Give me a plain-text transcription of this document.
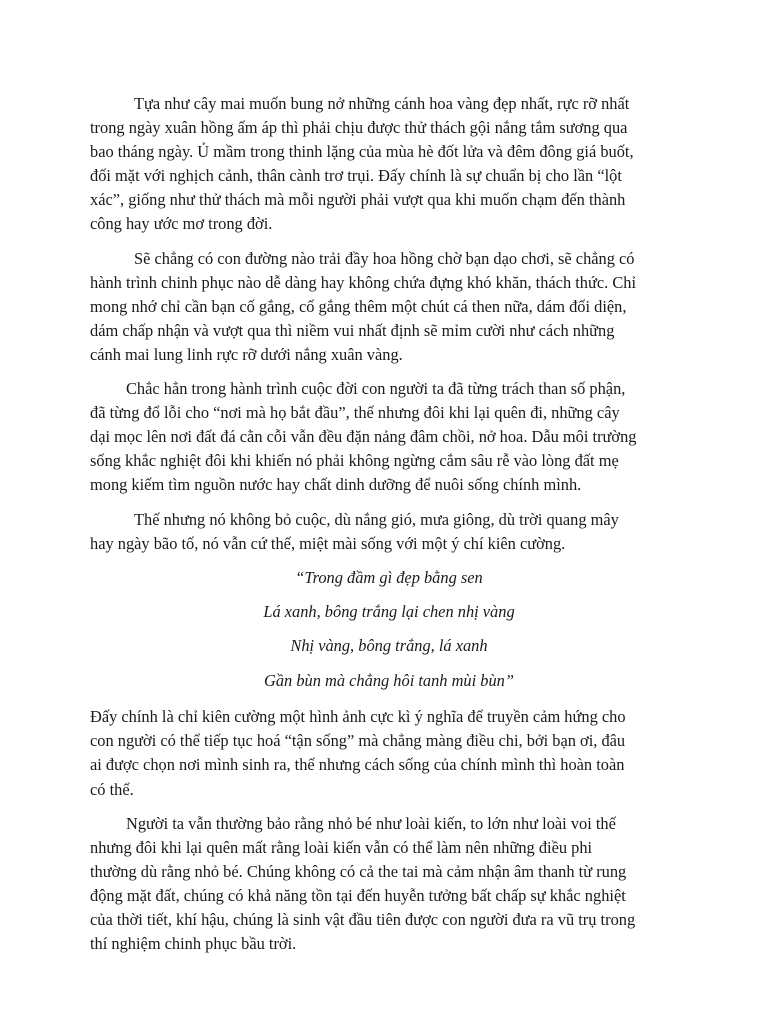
Tựa như cây mai muốn bung nở những cánh hoa vàng đẹp nhất, rực rỡ nhất
trong ngày xuân hồng ấm áp thì phải chịu được thử thách gội nắng tắm sương qua
bao tháng ngày. Ủ mầm trong thinh lặng của mùa hè đốt lửa và đêm đông giá buốt,
đối mặt với nghịch cảnh, thân cành trơ trụi. Đấy chính là sự chuẩn bị cho lần “lột
xác”, giống như thử thách mà mỗi người phải vượt qua khi muốn chạm đến thành
công hay ước mơ trong đời.

Sẽ chẳng có con đường nào trải đầy hoa hồng chờ bạn dạo chơi, sẽ chẳng có
hành trình chinh phục nào dễ dàng hay không chứa đựng khó khăn, thách thức. Chỉ
mong nhớ chỉ cần bạn cố gắng, cố gắng thêm một chút cá then nữa, dám đối diện,
dám chấp nhận và vượt qua thì niềm vui nhất định sẽ mỉm cười như cách những
cánh mai lung linh rực rỡ dưới nắng xuân vàng.

Chắc hẳn trong hành trình cuộc đời con người ta đã từng trách than số phận,
đã từng đổ lỗi cho “nơi mà họ bắt đầu”, thế nhưng đôi khi lại quên đi, những cây
dại mọc lên nơi đất đá cằn cỗi vẫn đều đặn nảng đâm chồi, nở hoa. Dẫu môi trường
sống khắc nghiệt đôi khi khiến nó phải không ngừng cắm sâu rễ vào lòng đất mẹ
mong kiếm tìm nguồn nước hay chất dinh dưỡng để nuôi sống chính mình.

Thế nhưng nó không bỏ cuộc, dù nắng gió, mưa giông, dù trời quang mây
hay ngày bão tố, nó vẫn cứ thế, miệt mài sống với một ý chí kiên cường.

“Trong đầm gì đẹp bằng sen
Lá xanh, bông trắng lại chen nhị vàng
Nhị vàng, bông trắng, lá xanh
Gần bùn mà chẳng hôi tanh mùi bùn”

Đấy chính là chỉ kiên cường một hình ảnh cực kì ý nghĩa để truyền cảm hứng cho
con người có thể tiếp tục hoá “tận sống” mà chẳng màng điều chi, bởi bạn ơi, đâu
ai được chọn nơi mình sinh ra, thế nhưng cách sống của chính mình thì hoàn toàn
có thể.

Người ta vẫn thường bảo rằng nhỏ bé như loài kiến, to lớn như loài voi thế
nhưng đôi khi lại quên mất rằng loài kiến vẫn có thể làm nên những điều phi
thường dù rằng nhỏ bé. Chúng không có cả the tai mà cảm nhận âm thanh từ rung
động mặt đất, chúng có khả năng tồn tại đến huyễn tưởng bất chấp sự khắc nghiệt
của thời tiết, khí hậu, chúng là sinh vật đầu tiên được con người đưa ra vũ trụ trong
thí nghiệm chinh phục bầu trời.
